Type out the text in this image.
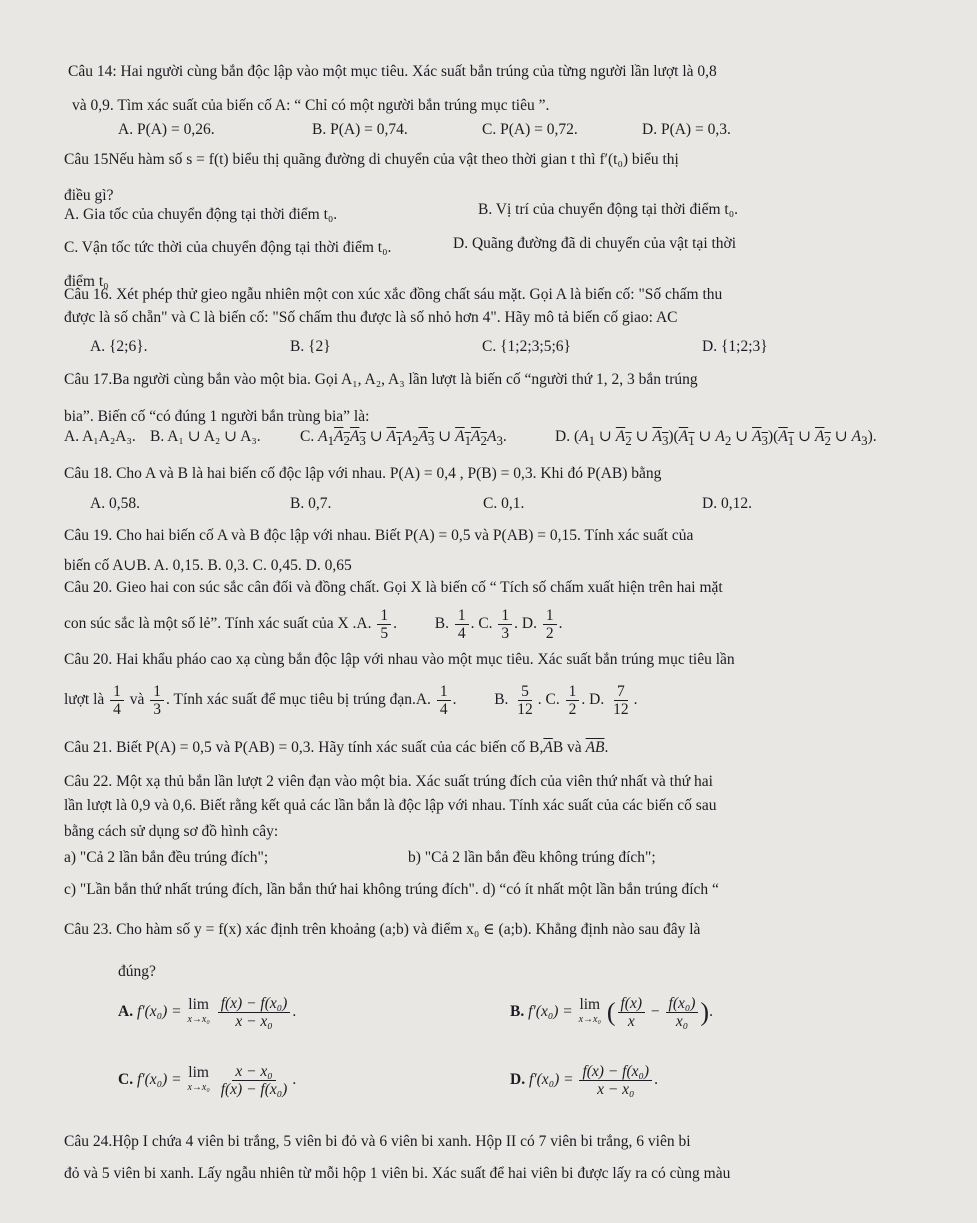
Câu 14: Hai người cùng bắn độc lập vào một mục tiêu. Xác suất bắn trúng của từng người lần lượt là 0,8
và 0,9. Tìm xác suất của biến cố A: “ Chỉ có một người bắn trúng mục tiêu ”.
A. P(A) = 0,26.	B. P(A) = 0,74.	C. P(A) = 0,72.	D. P(A) = 0,3.
Câu 15Nếu hàm số s = f(t) biểu thị quãng đường di chuyển của vật theo thời gian t thì f′(t₀) biểu thị
điều gì?
A. Gia tốc của chuyển động tại thời điểm t₀.	B. Vị trí của chuyển động tại thời điểm t₀.
C. Vận tốc tức thời của chuyển động tại thời điểm t₀.	D. Quãng đường đã di chuyển của vật tại thời
điểm t₀
Câu 16. Xét phép thử gieo ngẫu nhiên một con xúc xắc đồng chất sáu mặt. Gọi A là biến cố: "Số chấm thu
được là số chẵn" và C là biến cố: "Số chấm thu được là số nhỏ hơn 4". Hãy mô tả biến cố giao: AC
A. {2;6}.	B. {2}	C. {1;2;3;5;6}	D. {1;2;3}
Câu 17.Ba người cùng bắn vào một bia. Gọi A₁, A₂, A₃ lần lượt là biến cố “người thứ 1, 2, 3 bắn trúng
bia”. Biến cố “có đúng 1 người bắn trùng bia” là:
A. A₁A₂A₃. B. A₁ ∪ A₂ ∪ A₃.	C. $A_1A_2A_3$ ∪ $A_1A_2A_3$ ∪ $A_1A_2A_3$.	D. ($A_1$ ∪ $A_2$ ∪ $A_3)(A_1$ ∪ $A_2$ ∪ $A_3)(A_1$ ∪ $A_2$ ∪ $A_3$).
Câu 18. Cho A và B là hai biến cố độc lập với nhau. P(A) = 0,4 , P(B) = 0,3. Khi đó P(AB) bằng
A. 0,58.	B. 0,7.	C. 0,1.	D. 0,12.
Câu 19. Cho hai biến cố A và B độc lập với nhau. Biết P(A) = 0,5 và P(AB) = 0,15. Tính xác suất của
biến cố A∪B. A. 0,15. B. 0,3. C. 0,45. D. 0,65
Câu 20. Gieo hai con súc sắc cân đối và đồng chất. Gọi X là biến cố “ Tích số chấm xuất hiện trên hai mặt
con súc sắc là một số lẻ”. Tính xác suất của X .A. $\frac{1}{5}$ .  B. $\frac{1}{4}$ . C. $\frac{1}{3}$ . D. $\frac{1}{2}$ .
Câu 20. Hai khẩu pháo cao xạ cùng bắn độc lập với nhau vào một mục tiêu. Xác suất bắn trúng mục tiêu lần
lượt là $\frac{1}{4}$ và $\frac{1}{3}$ . Tính xác suất để mục tiêu bị trúng đạn.A. $\frac{1}{4}$ .  B. $\frac{5}{12}$ . C. $\frac{1}{2}$ . D. $\frac{7}{12}$ .
Câu 21. Biết P(A) = 0,5 và P(AB) = 0,3. Hãy tính xác suất của các biến cố $B,\overline{A}B$ và AB.
Câu 22. Một xạ thủ bắn lần lượt 2 viên đạn vào một bia. Xác suất trúng đích của viên thứ nhất và thứ hai
lần lượt là 0,9 và 0,6. Biết rằng kết quả các lần bắn là độc lập với nhau. Tính xác suất của các biến cố sau
bằng cách sử dụng sơ đồ hình cây:
a) "Cả 2 lần bắn đều trúng đích";	b) "Cả 2 lần bắn đều không trúng đích";
c) "Lần bắn thứ nhất trúng đích, lần bắn thứ hai không trúng đích". d) “có ít nhất một lần bắn trúng đích “
Câu 23. Cho hàm số y = f(x) xác định trên khoảng (a;b) và điểm x₀ ∈ (a;b). Khẳng định nào sau đây là
đúng?
A. f′(x₀) = lim
x→x₀
$\frac{\text{f(x) − f(x₀)}}{\text{x − x₀}}$ .	B. f′(x₀) = lim
x→x₀ ( $\frac{f(x)}{x} - \frac{\text{f(x₀)}}{\text{x₀}}$ ).
C. f′(x₀) = lim
x→x₀
$\frac{\text{x − x₀}}{\text{f(x) − f(x₀)}}$ .	D. $f'(x_0) = \frac{\text{f(x) − f(x₀)}}{\text{x − x₀}}$ .
Câu 24.Hộp I chứa 4 viên bi trắng, 5 viên bi đỏ và 6 viên bi xanh. Hộp II có 7 viên bi trắng, 6 viên bi
đỏ và 5 viên bi xanh. Lấy ngẫu nhiên từ mỗi hộp 1 viên bi. Xác suất để hai viên bi được lấy ra có cùng màu
